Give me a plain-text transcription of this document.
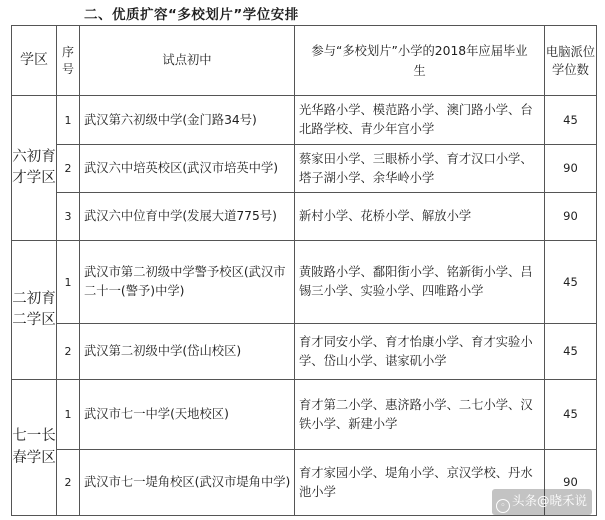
二、优质扩容“多校划片”学位安排
学区	序号	试点初中	参与“多校划片”小学的2018年应届毕业生	电脑派位学位数
六初育才学区	1	武汉第六初级中学(金门路34号)	光华路小学、模范路小学、澳门路小学、台北路学校、青少年宫小学	45
	2	武汉六中培英校区(武汉市培英中学)	蔡家田小学、三眼桥小学、育才汉口小学、塔子湖小学、余华岭小学	90
	3	武汉六中位育中学(发展大道775号)	新村小学、花桥小学、解放小学	90
二初育二学区	1	武汉市第二初级中学警予校区(武汉市二十一(警予)中学)	黄陂路小学、鄱阳街小学、铭新街小学、吕锡三小学、实验小学、四唯路小学	45
	2	武汉第二初级中学(岱山校区)	育才同安小学、育才怡康小学、育才实验小学、岱山小学、谌家矶小学	45
七一长春学区	1	武汉市七一中学(天地校区)	育才第二小学、惠济路小学、二七小学、汉铁小学、新建小学	45
	2	武汉市七一堤角校区(武汉市堤角中学)	育才家园小学、堤角小学、京汉学校、丹水池小学	90
◦ 头条@晓禾说
